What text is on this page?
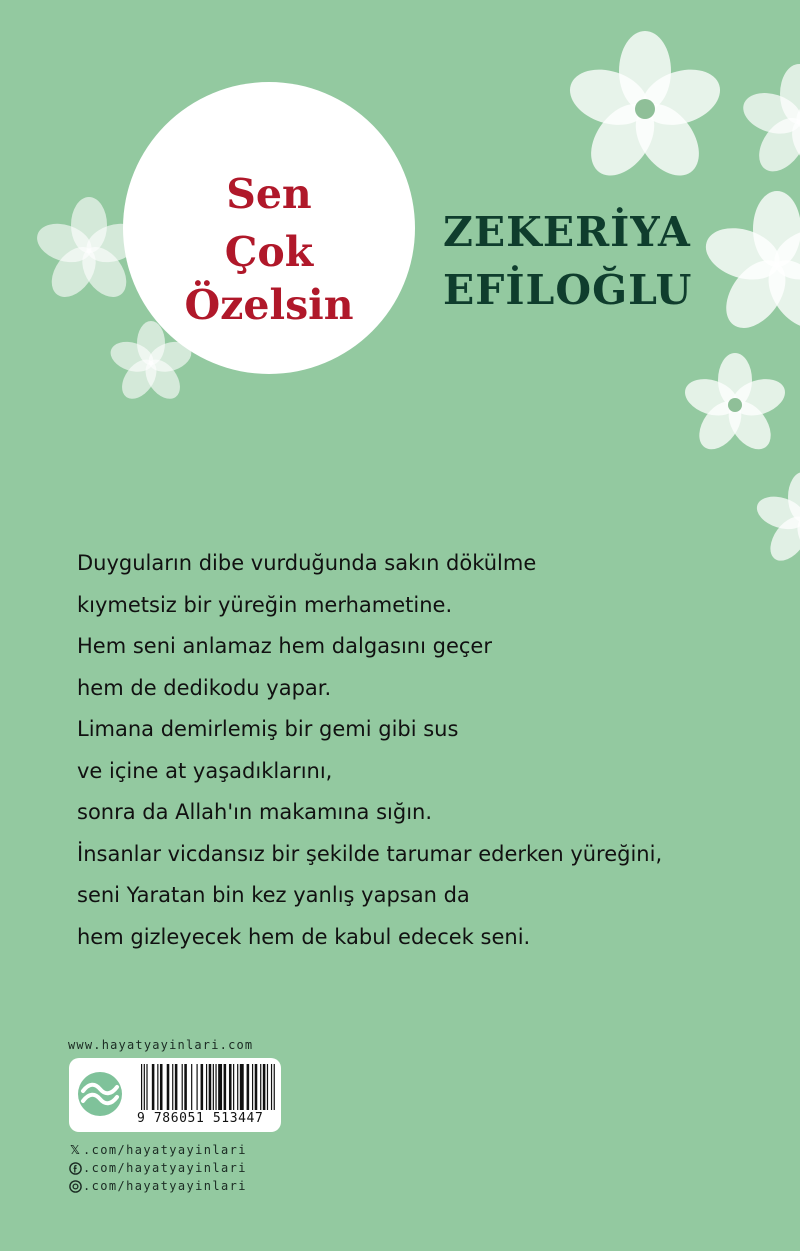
Sen
Çok
Özelsin
ZEKERİYA
EFİLOĞLU
Duyguların dibe vurduğunda sakın dökülme
kıymetsiz bir yüreğin merhametine.
Hem seni anlamaz hem dalgasını geçer
hem de dedikodu yapar.
Limana demirlemiş bir gemi gibi sus
ve içine at yaşadıklarını,
sonra da Allah'ın makamına sığın.
İnsanlar vicdansız bir şekilde tarumar ederken yüreğini,
seni Yaratan bin kez yanlış yapsan da
hem gizleyecek hem de kabul edecek seni.
www.hayatyayinlari.com
9 786051 513447
𝕏 .com/hayatyayinlari
.com/hayatyayinlari
.com/hayatyayinlari
